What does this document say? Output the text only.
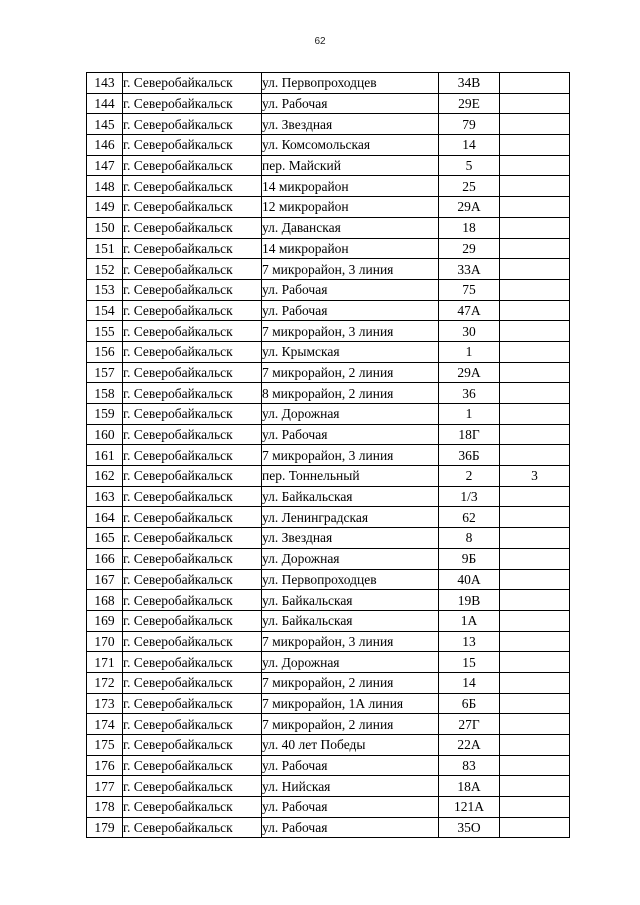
62
143	г. Северобайкальск	ул. Первопроходцев	34В	
144	г. Северобайкальск	ул. Рабочая	29Е	
145	г. Северобайкальск	ул. Звездная	79	
146	г. Северобайкальск	ул. Комсомольская	14	
147	г. Северобайкальск	пер. Майский	5	
148	г. Северобайкальск	14 микрорайон	25	
149	г. Северобайкальск	12 микрорайон	29А	
150	г. Северобайкальск	ул. Даванская	18	
151	г. Северобайкальск	14 микрорайон	29	
152	г. Северобайкальск	7 микрорайон, 3 линия	33А	
153	г. Северобайкальск	ул. Рабочая	75	
154	г. Северобайкальск	ул. Рабочая	47А	
155	г. Северобайкальск	7 микрорайон, 3 линия	30	
156	г. Северобайкальск	ул. Крымская	1	
157	г. Северобайкальск	7 микрорайон, 2 линия	29А	
158	г. Северобайкальск	8 микрорайон, 2 линия	36	
159	г. Северобайкальск	ул. Дорожная	1	
160	г. Северобайкальск	ул. Рабочая	18Г	
161	г. Северобайкальск	7 микрорайон, 3 линия	36Б	
162	г. Северобайкальск	пер. Тоннельный	2	3
163	г. Северобайкальск	ул. Байкальская	1/3	
164	г. Северобайкальск	ул. Ленинградская	62	
165	г. Северобайкальск	ул. Звездная	8	
166	г. Северобайкальск	ул. Дорожная	9Б	
167	г. Северобайкальск	ул. Первопроходцев	40А	
168	г. Северобайкальск	ул. Байкальская	19В	
169	г. Северобайкальск	ул. Байкальская	1А	
170	г. Северобайкальск	7 микрорайон, 3 линия	13	
171	г. Северобайкальск	ул. Дорожная	15	
172	г. Северобайкальск	7 микрорайон, 2 линия	14	
173	г. Северобайкальск	7 микрорайон, 1А линия	6Б	
174	г. Северобайкальск	7 микрорайон, 2 линия	27Г	
175	г. Северобайкальск	ул. 40 лет Победы	22А	
176	г. Северобайкальск	ул. Рабочая	83	
177	г. Северобайкальск	ул. Нийская	18А	
178	г. Северобайкальск	ул. Рабочая	121А	
179	г. Северобайкальск	ул. Рабочая	35О	
